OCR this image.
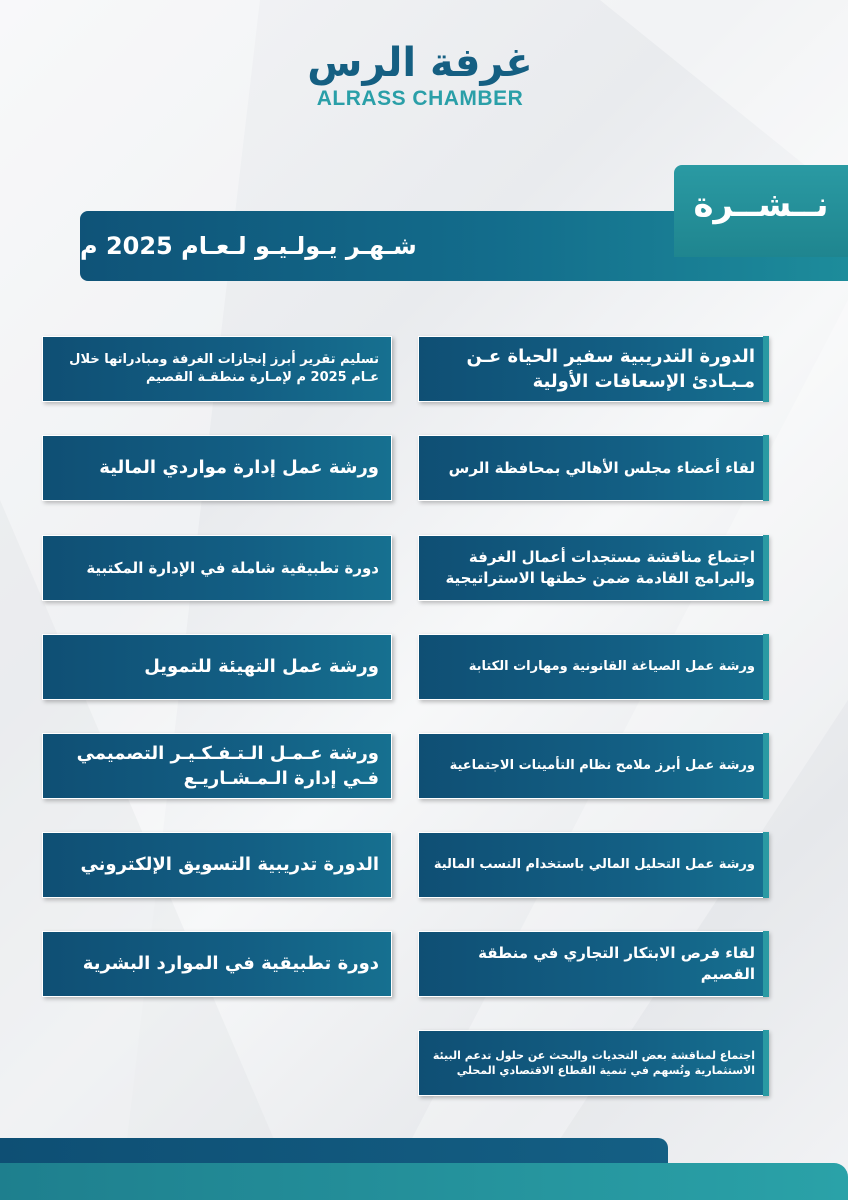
غرفة الرس
ALRASS CHAMBER
شـهـر يـولـيـو لـعـام 2025 م
نــشــرة
الدورة التدريبية سفير الحياة عـن مـبـادئ الإسعافات الأولية
لقاء أعضاء مجلس الأهالي بمحافظة الرس
اجتماع مناقشة مستجدات أعمال الغرفة والبرامج القادمة ضمن خطتها الاستراتيجية
ورشة عمل الصياغة القانونية ومهارات الكتابة
ورشة عمل أبرز ملامح نظام التأمينات الاجتماعية
ورشة عمل التحليل المالي باستخدام النسب المالية
لقاء فرص الابتكار التجاري في منطقة القصيم
اجتماع لمناقشة بعض التحديات والبحث عن حلول تدعم البيئة الاستثمارية وتُسهم في تنمية القطاع الاقتصادي المحلي
تسليم تقرير أبرز إنجازات الغرفة ومبادراتها خلال عـام 2025 م لإمـارة منطقـة القصيم
ورشة عمل إدارة مواردي المالية
دورة تطبيقية شاملة في الإدارة المكتبية
ورشة عمل التهيئة للتمويل
ورشة عـمـل الـتـفـكـيـر التصميمي فـي إدارة الـمـشـاريـع
الدورة تدريبية التسويق الإلكتروني
دورة تطبيقية في الموارد البشرية
